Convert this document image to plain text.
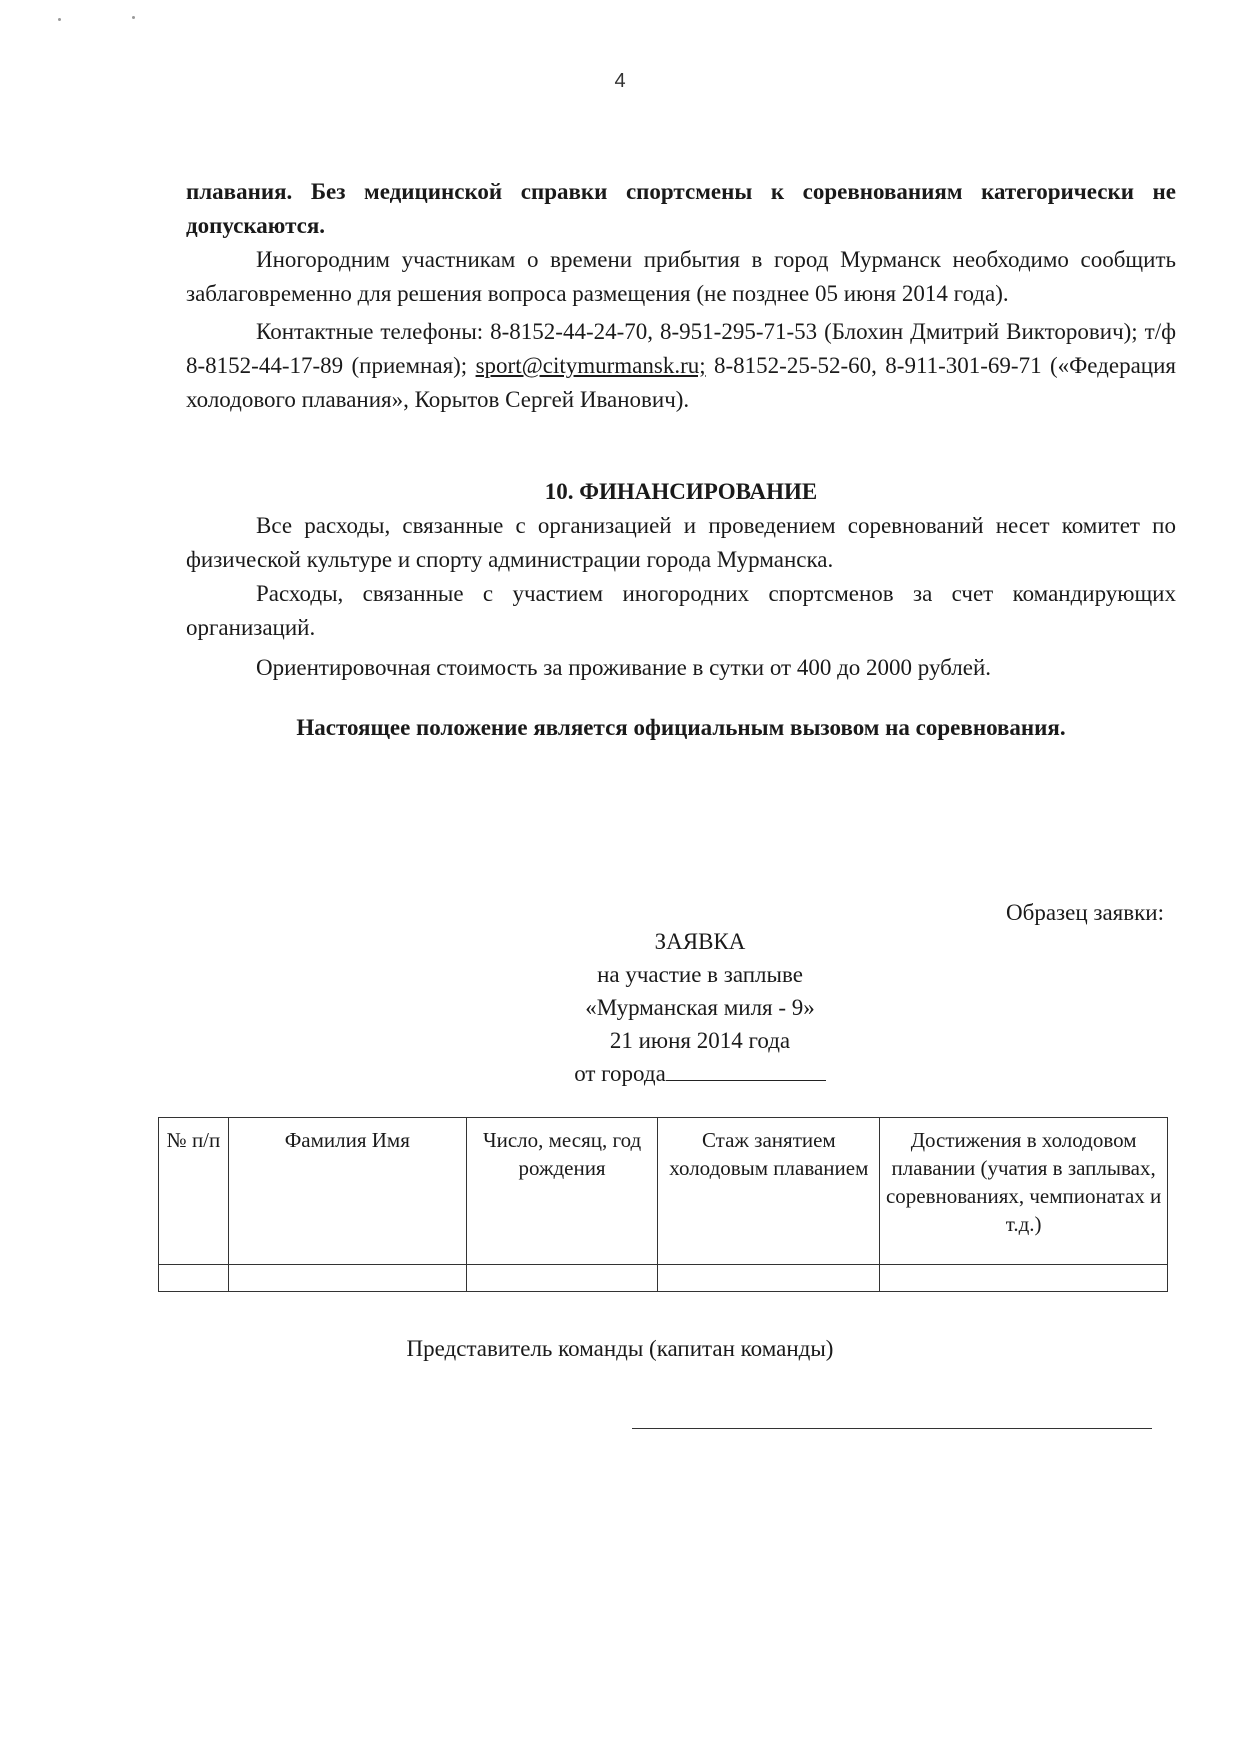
4

плавания. Без медицинской справки спортсмены к соревнованиям категорически не допускаются.

Иногородним участникам о времени прибытия в город Мурманск необходимо сообщить заблаговременно для решения вопроса размещения (не позднее 05 июня 2014 года).

Контактные телефоны: 8-8152-44-24-70, 8-951-295-71-53 (Блохин Дмитрий Викторович); т/ф 8-8152-44-17-89 (приемная); sport@citymurmansk.ru; 8-8152-25-52-60, 8-911-301-69-71 («Федерация холодового плавания», Корытов Сергей Иванович).

10. ФИНАНСИРОВАНИЕ

Все расходы, связанные с организацией и проведением соревнований несет комитет по физической культуре и спорту администрации города Мурманска.

Расходы, связанные с участием иногородних спортсменов за счет командирующих организаций.

Ориентировочная стоимость за проживание в сутки от 400 до 2000 рублей.

Настоящее положение является официальным вызовом на соревнования.

Образец заявки:
ЗАЯВКА
на участие в заплыве
«Мурманская миля - 9»
21 июня 2014 года
от города
№ п/п	Фамилия Имя	Число, месяц, год рождения	Стаж занятием холодовым плаванием	Достижения в холодовом плавании (учатия в заплывах, соревнованиях, чемпионатах и т.д.)

Представитель команды (капитан команды)
